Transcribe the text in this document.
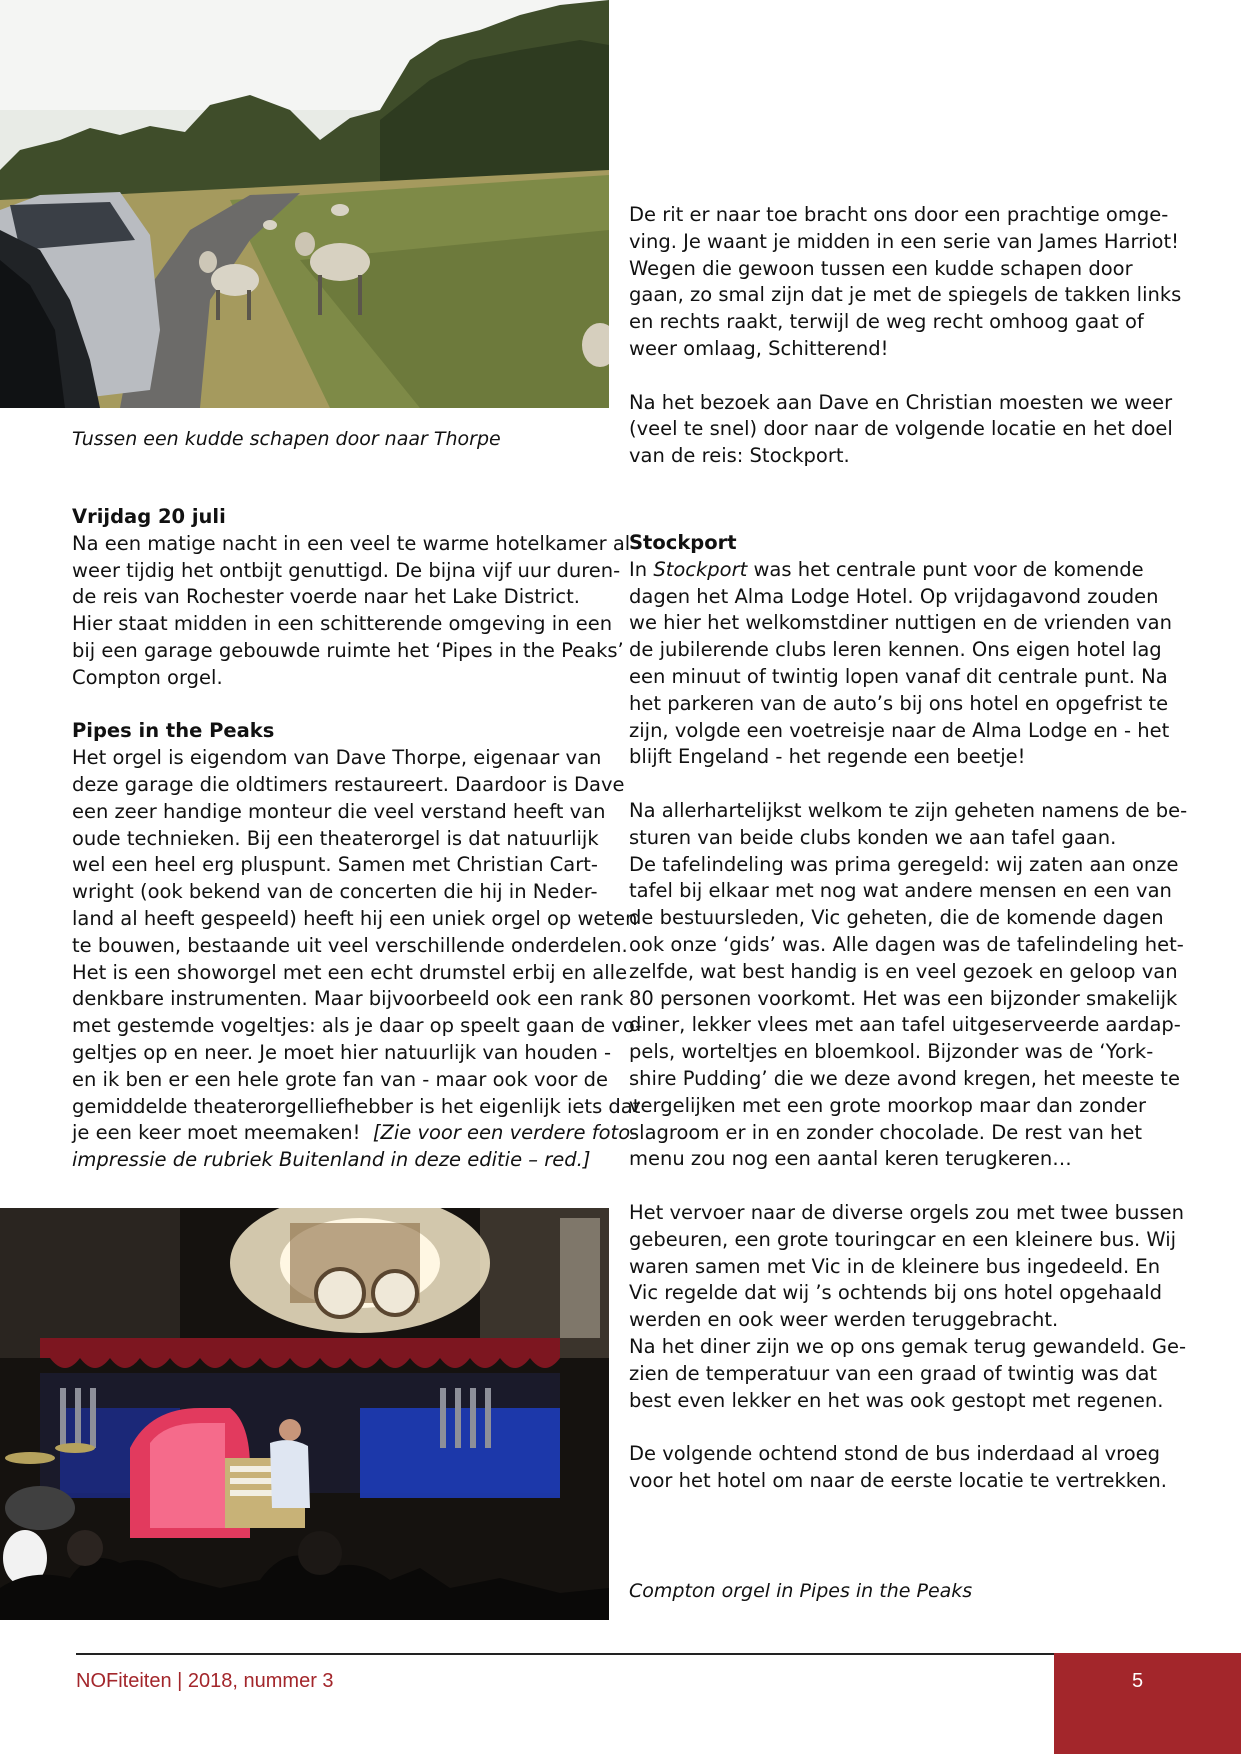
Tussen een kudde schapen door naar Thorpe

De rit er naar toe bracht ons door een prachtige omge-

ving. Je waant je midden in een serie van James Harriot!

Wegen die gewoon tussen een kudde schapen door

gaan, zo smal zijn dat je met de spiegels de takken links

en rechts raakt, terwijl de weg recht omhoog gaat of

weer omlaag, Schitterend!

Na het bezoek aan Dave en Christian moesten we weer

(veel te snel) door naar de volgende locatie en het doel

van de reis: Stockport.

Vrijdag 20 juli

Na een matige nacht in een veel te warme hotelkamer al

weer tijdig het ontbijt genuttigd. De bijna vijf uur duren-

de reis van Rochester voerde naar het Lake District.

Hier staat midden in een schitterende omgeving in een

bij een garage gebouwde ruimte het ‘Pipes in the Peaks’

Compton orgel.

Pipes in the Peaks

Het orgel is eigendom van Dave Thorpe, eigenaar van

deze garage die oldtimers restaureert. Daardoor is Dave

een zeer handige monteur die veel verstand heeft van

oude technieken. Bij een theaterorgel is dat natuurlijk

wel een heel erg pluspunt. Samen met Christian Cart-

wright (ook bekend van de concerten die hij in Neder-

land al heeft gespeeld) heeft hij een uniek orgel op weten

te bouwen, bestaande uit veel verschillende onderdelen.

Het is een showorgel met een echt drumstel erbij en alle

denkbare instrumenten. Maar bijvoorbeeld ook een rank

met gestemde vogeltjes: als je daar op speelt gaan de vo-

geltjes op en neer. Je moet hier natuurlijk van houden -

en ik ben er een hele grote fan van - maar ook voor de

gemiddelde theaterorgelliefhebber is het eigenlijk iets dat

je een keer moet meemaken! [Zie voor een verdere foto-

impressie de rubriek Buitenland in deze editie – red.]

Stockport

In Stockport was het centrale punt voor de komende

dagen het Alma Lodge Hotel. Op vrijdagavond zouden

we hier het welkomstdiner nuttigen en de vrienden van

de jubilerende clubs leren kennen. Ons eigen hotel lag

een minuut of twintig lopen vanaf dit centrale punt. Na

het parkeren van de auto’s bij ons hotel en opgefrist te

zijn, volgde een voetreisje naar de Alma Lodge en - het

blijft Engeland - het regende een beetje!

Na allerhartelijkst welkom te zijn geheten namens de be-

sturen van beide clubs konden we aan tafel gaan.

De tafelindeling was prima geregeld: wij zaten aan onze

tafel bij elkaar met nog wat andere mensen en een van

de bestuursleden, Vic geheten, die de komende dagen

ook onze ‘gids’ was. Alle dagen was de tafelindeling het-

zelfde, wat best handig is en veel gezoek en geloop van

80 personen voorkomt. Het was een bijzonder smakelijk

diner, lekker vlees met aan tafel uitgeserveerde aardap-

pels, worteltjes en bloemkool. Bijzonder was de ‘York-

shire Pudding’ die we deze avond kregen, het meeste te

vergelijken met een grote moorkop maar dan zonder

slagroom er in en zonder chocolade. De rest van het

menu zou nog een aantal keren terugkeren…

Het vervoer naar de diverse orgels zou met twee bussen

gebeuren, een grote touringcar en een kleinere bus. Wij

waren samen met Vic in de kleinere bus ingedeeld. En

Vic regelde dat wij ’s ochtends bij ons hotel opgehaald

werden en ook weer werden teruggebracht.

Na het diner zijn we op ons gemak terug gewandeld. Ge-

zien de temperatuur van een graad of twintig was dat

best even lekker en het was ook gestopt met regenen.

De volgende ochtend stond de bus inderdaad al vroeg

voor het hotel om naar de eerste locatie te vertrekken.

Compton orgel in Pipes in the Peaks
NOFiteiten | 2018, nummer 3	5
